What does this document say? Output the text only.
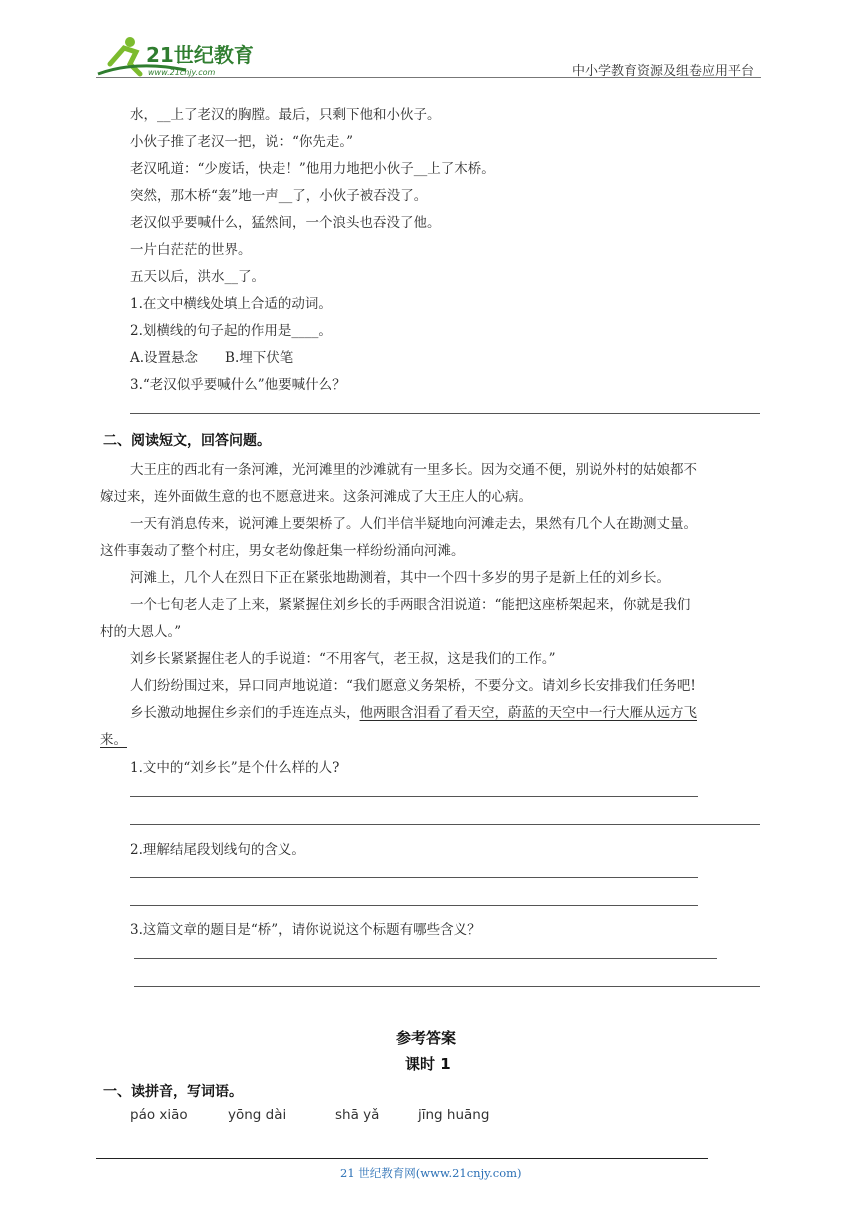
21世纪教育
www.21cnjy.com	中小学教育资源及组卷应用平台
水，__上了老汉的胸膛。最后，只剩下他和小伙子。
小伙子推了老汉一把，说：“你先走。”
老汉吼道：“少废话，快走！”他用力地把小伙子__上了木桥。
突然，那木桥“轰”地一声__了，小伙子被吞没了。
老汉似乎要喊什么，猛然间，一个浪头也吞没了他。
一片白茫茫的世界。
五天以后，洪水__了。
1.在文中横线处填上合适的动词。
2.划横线的句子起的作用是____。
A.设置悬念　　B.埋下伏笔
3.“老汉似乎要喊什么”他要喊什么？
二、阅读短文，回答问题。
大王庄的西北有一条河滩，光河滩里的沙滩就有一里多长。因为交通不便，别说外村的姑娘都不
嫁过来，连外面做生意的也不愿意进来。这条河滩成了大王庄人的心病。
一天有消息传来，说河滩上要架桥了。人们半信半疑地向河滩走去，果然有几个人在勘测丈量。
这件事轰动了整个村庄，男女老幼像赶集一样纷纷涌向河滩。
河滩上，几个人在烈日下正在紧张地勘测着，其中一个四十多岁的男子是新上任的刘乡长。
一个七旬老人走了上来，紧紧握住刘乡长的手两眼含泪说道：“能把这座桥架起来，你就是我们
村的大恩人。”
刘乡长紧紧握住老人的手说道：“不用客气，老王叔，这是我们的工作。”
人们纷纷围过来，异口同声地说道：“我们愿意义务架桥，不要分文。请刘乡长安排我们任务吧!
乡长激动地握住乡亲们的手连连点头，他两眼含泪看了看天空，蔚蓝的天空中一行大雁从远方飞
来。
1.文中的“刘乡长”是个什么样的人?
2.理解结尾段划线句的含义。
3.这篇文章的题目是“桥”，请你说说这个标题有哪些含义？
参考答案
课时 1
一、读拼音，写词语。
páo xiāo	yōng dài	shā yǎ	jīng huāng
21 世纪教育网(www.21cnjy.com)
